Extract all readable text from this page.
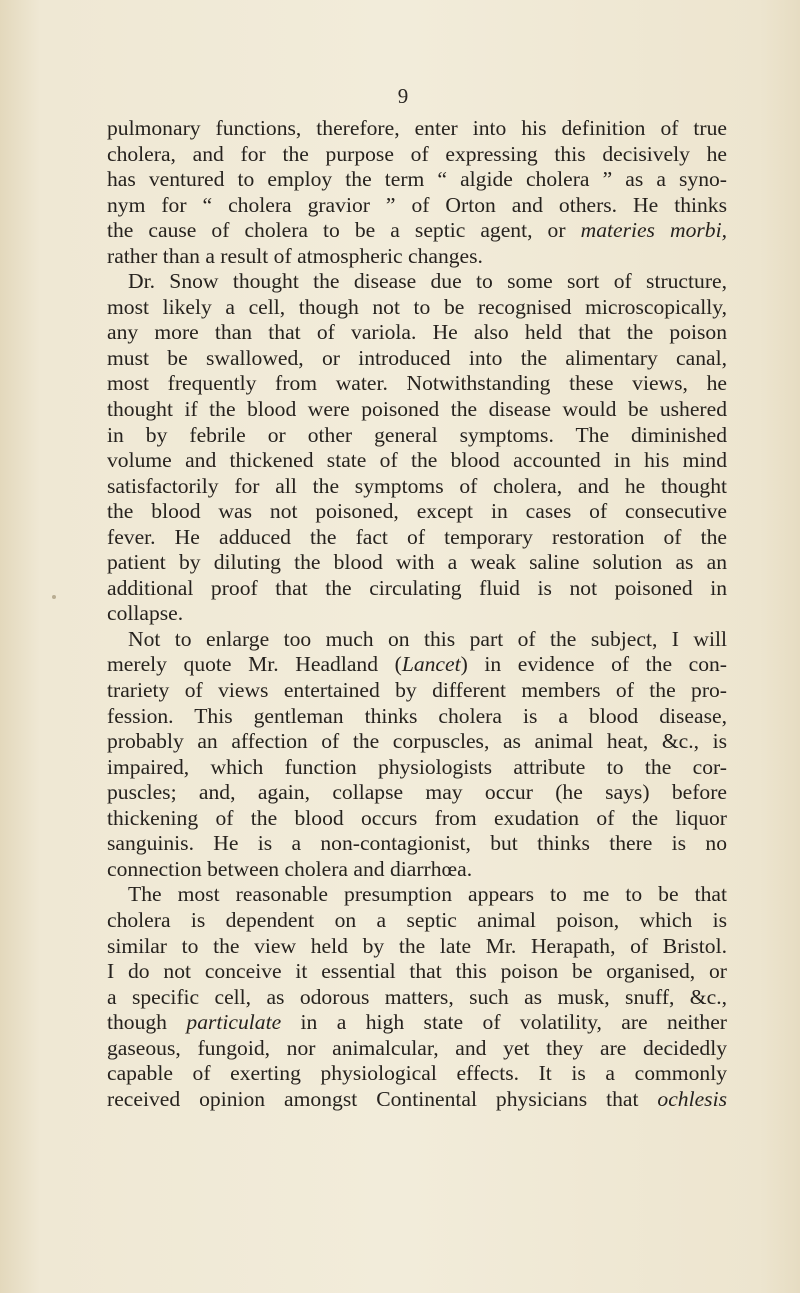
9

pulmonary functions, therefore, enter into his definition of true
cholera, and for the purpose of expressing this decisively he
has ventured to employ the term “ algide cholera ” as a syno-
nym for “ cholera gravior ” of Orton and others. He thinks
the cause of cholera to be a septic agent, or materies morbi,
rather than a result of atmospheric changes.

Dr. Snow thought the disease due to some sort of structure,
most likely a cell, though not to be recognised microscopically,
any more than that of variola. He also held that the poison
must be swallowed, or introduced into the alimentary canal,
most frequently from water. Notwithstanding these views, he
thought if the blood were poisoned the disease would be ushered
in by febrile or other general symptoms. The diminished
volume and thickened state of the blood accounted in his mind
satisfactorily for all the symptoms of cholera, and he thought
the blood was not poisoned, except in cases of consecutive
fever. He adduced the fact of temporary restoration of the
patient by diluting the blood with a weak saline solution as an
additional proof that the circulating fluid is not poisoned in
collapse.

Not to enlarge too much on this part of the subject, I will
merely quote Mr. Headland (Lancet) in evidence of the con-
trariety of views entertained by different members of the pro-
fession. This gentleman thinks cholera is a blood disease,
probably an affection of the corpuscles, as animal heat, &c., is
impaired, which function physiologists attribute to the cor-
puscles; and, again, collapse may occur (he says) before
thickening of the blood occurs from exudation of the liquor
sanguinis. He is a non-contagionist, but thinks there is no
connection between cholera and diarrhœa.

The most reasonable presumption appears to me to be that
cholera is dependent on a septic animal poison, which is
similar to the view held by the late Mr. Herapath, of Bristol.
I do not conceive it essential that this poison be organised, or
a specific cell, as odorous matters, such as musk, snuff, &c.,
though particulate in a high state of volatility, are neither
gaseous, fungoid, nor animalcular, and yet they are decidedly
capable of exerting physiological effects. It is a commonly
received opinion amongst Continental physicians that ochlesis
